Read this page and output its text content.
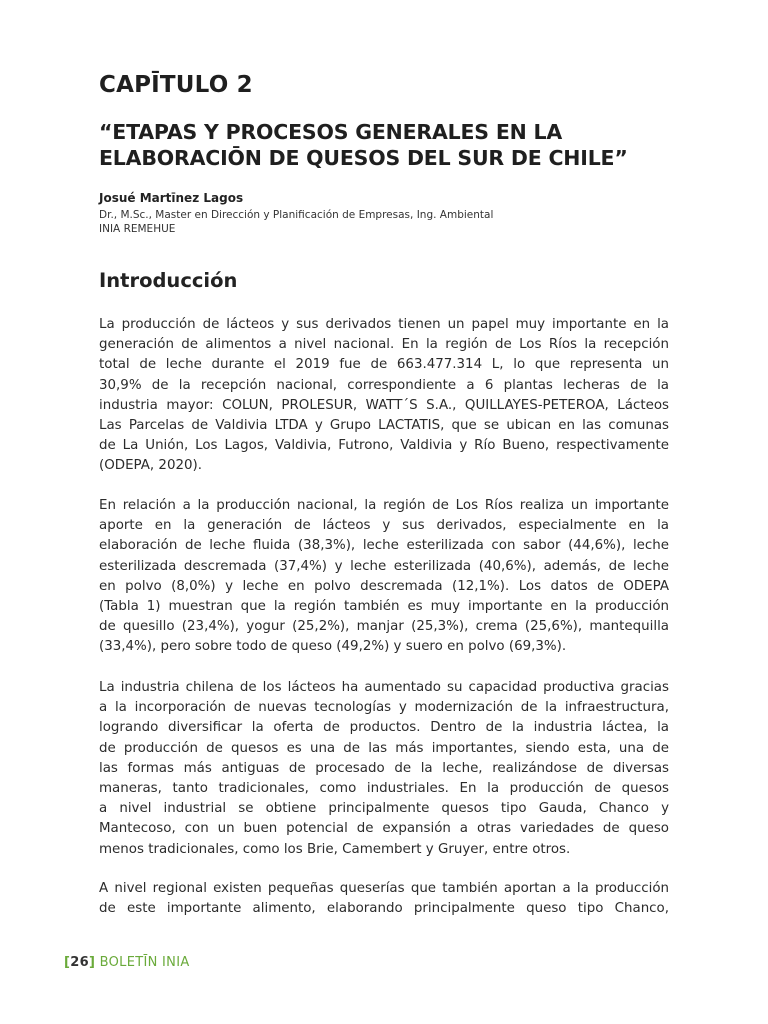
CAPĪTULO 2
“ETAPAS Y PROCESOS GENERALES EN LA
ELABORACIŌN DE QUESOS DEL SUR DE CHILE”
Josué Martīnez Lagos
Dr., M.Sc., Master en Dirección y Planificación de Empresas, Ing. Ambiental
INIA REMEHUE
Introducción

La producción de lácteos y sus derivados tienen un papel muy importante en la
generación de alimentos a nivel nacional. En la región de Los Ríos la recepción
total de leche durante el 2019 fue de 663.477.314 L, lo que representa un
30,9% de la recepción nacional, correspondiente a 6 plantas lecheras de la
industria mayor: COLUN, PROLESUR, WATT´S S.A., QUILLAYES-PETEROA, Lácteos
Las Parcelas de Valdivia LTDA y Grupo LACTATIS, que se ubican en las comunas
de La Unión, Los Lagos, Valdivia, Futrono, Valdivia y Río Bueno, respectivamente
(ODEPA, 2020).

En relación a la producción nacional, la región de Los Ríos realiza un importante
aporte en la generación de lácteos y sus derivados, especialmente en la
elaboración de leche fluida (38,3%), leche esterilizada con sabor (44,6%), leche
esterilizada descremada (37,4%) y leche esterilizada (40,6%), además, de leche
en polvo (8,0%) y leche en polvo descremada (12,1%). Los datos de ODEPA
(Tabla 1) muestran que la región también es muy importante en la producción
de quesillo (23,4%), yogur (25,2%), manjar (25,3%), crema (25,6%), mantequilla
(33,4%), pero sobre todo de queso (49,2%) y suero en polvo (69,3%).

La industria chilena de los lácteos ha aumentado su capacidad productiva gracias
a la incorporación de nuevas tecnologías y modernización de la infraestructura,
logrando diversificar la oferta de productos. Dentro de la industria láctea, la
de producción de quesos es una de las más importantes, siendo esta, una de
las formas más antiguas de procesado de la leche, realizándose de diversas
maneras, tanto tradicionales, como industriales. En la producción de quesos
a nivel industrial se obtiene principalmente quesos tipo Gauda, Chanco y
Mantecoso, con un buen potencial de expansión a otras variedades de queso
menos tradicionales, como los Brie, Camembert y Gruyer, entre otros.

A nivel regional existen pequeñas queserías que también aportan a la producción
de este importante alimento, elaborando principalmente queso tipo Chanco,

[26] BOLETĪN INIA
